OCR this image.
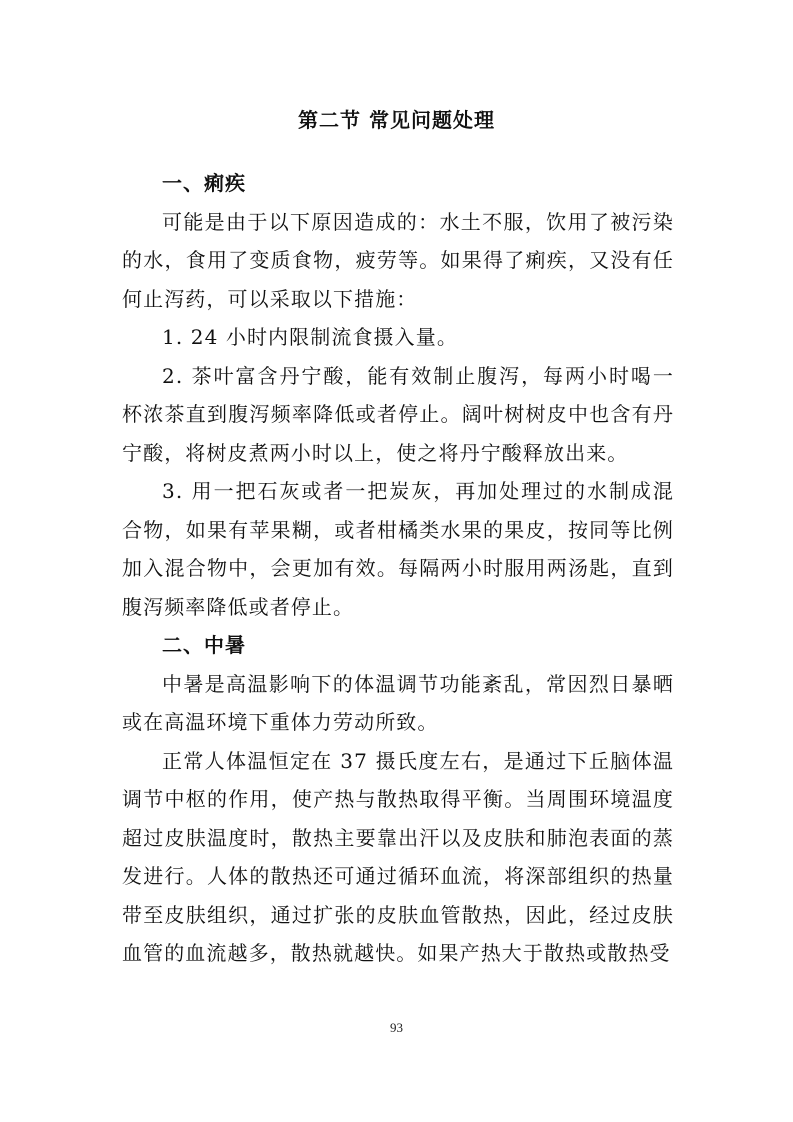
第二节 常见问题处理

一、痢疾

可能是由于以下原因造成的：水土不服，饮用了被污染的水，食用了变质食物，疲劳等。如果得了痢疾，又没有任何止泻药，可以采取以下措施：

1. 24 小时内限制流食摄入量。

2. 茶叶富含丹宁酸，能有效制止腹泻，每两小时喝一杯浓茶直到腹泻频率降低或者停止。阔叶树树皮中也含有丹宁酸，将树皮煮两小时以上，使之将丹宁酸释放出来。

3. 用一把石灰或者一把炭灰，再加处理过的水制成混合物，如果有苹果糊，或者柑橘类水果的果皮，按同等比例加入混合物中，会更加有效。每隔两小时服用两汤匙，直到腹泻频率降低或者停止。

二、中暑

中暑是高温影响下的体温调节功能紊乱，常因烈日暴晒或在高温环境下重体力劳动所致。

正常人体温恒定在 37 摄氏度左右，是通过下丘脑体温调节中枢的作用，使产热与散热取得平衡。当周围环境温度超过皮肤温度时，散热主要靠出汗以及皮肤和肺泡表面的蒸发进行。人体的散热还可通过循环血流，将深部组织的热量带至皮肤组织，通过扩张的皮肤血管散热，因此，经过皮肤血管的血流越多，散热就越快。如果产热大于散热或散热受

93
